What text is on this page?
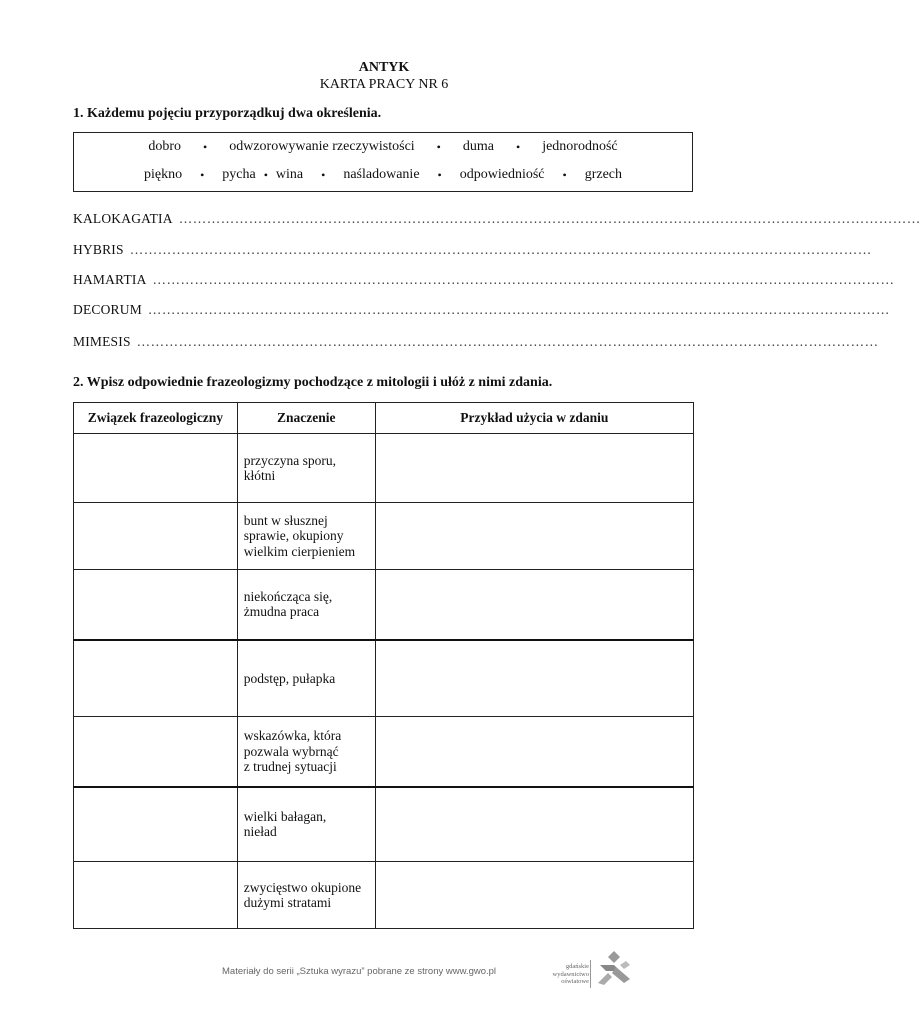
ANTYK
KARTA PRACY NR 6
1. Każdemu pojęciu przyporządkuj dwa określenia.
dobro • odwzorowywanie rzeczywistości • duma • jednorodność
piękno • pycha • wina • naśladowanie • odpowiedniość • grzech
KALOKAGATIA ……………………………………………………………………………………………………………………………………………
HYBRIS ……………………………………………………………………………………………………………………………………………
HAMARTIA ……………………………………………………………………………………………………………………………………………
DECORUM ……………………………………………………………………………………………………………………………………………
MIMESIS ……………………………………………………………………………………………………………………………………………
2. Wpisz odpowiednie frazeologizmy pochodzące z mitologii i ułóż z nimi zdania.
Związek frazeologiczny	Znaczenie	Przykład użycia w zdaniu

	przyczyna sporu,
kłótni	

	bunt w słusznej
sprawie, okupiony
wielkim cierpieniem	

	niekończąca się,
żmudna praca	

	podstęp, pułapka	

	wskazówka, która
pozwala wybrnąć
z trudnej sytuacji	

	wielki bałagan,
nieład	

	zwycięstwo okupione
dużymi stratami	

Materiały do serii „Sztuka wyrazu” pobrane ze strony www.gwo.pl	gdańskie
wydawnictwo
oświatowe
